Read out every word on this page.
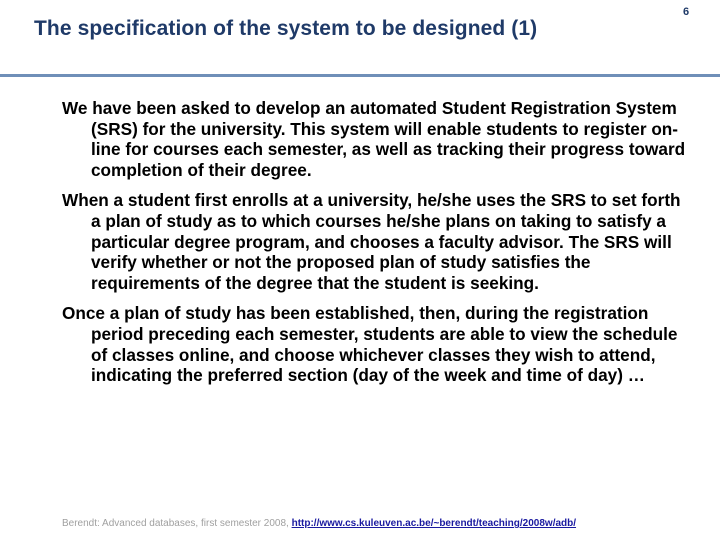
The specification of the system to be designed (1)
6

We have been asked to develop an automated Student Registration System (SRS) for the university. This system will enable students to register on-line for courses each semester, as well as tracking their progress toward completion of their degree.

When a student first enrolls at a university, he/she uses the SRS to set forth a plan of study as to which courses he/she plans on taking to satisfy a particular degree program, and chooses a faculty advisor. The SRS will verify whether or not the proposed plan of study satisfies the requirements of the degree that the student is seeking.

Once a plan of study has been established, then, during the registration period preceding each semester, students are able to view the schedule of classes online, and choose whichever classes they wish to attend, indicating the preferred section (day of the week and time of day) …

Berendt: Advanced databases, first semester 2008, http://www.cs.kuleuven.ac.be/~berendt/teaching/2008w/adb/
